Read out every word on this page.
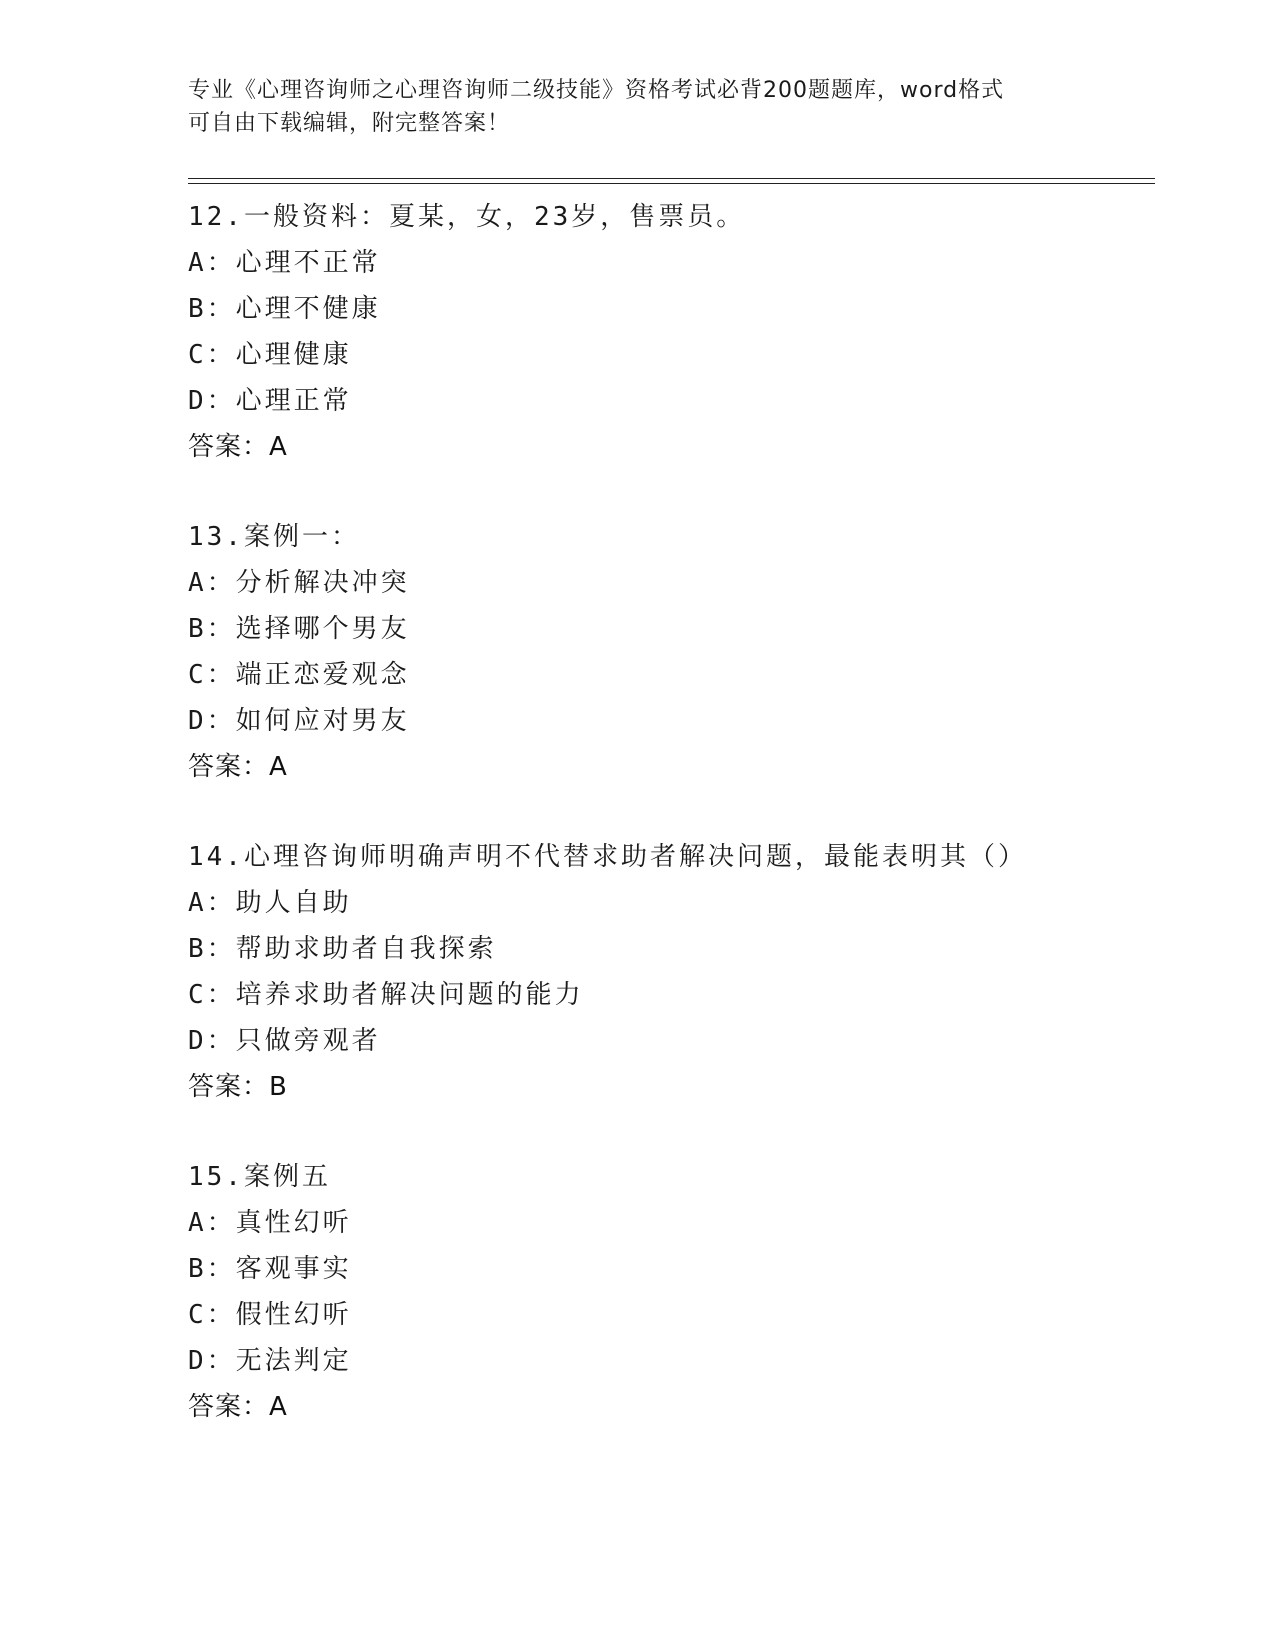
专业《心理咨询师之心理咨询师二级技能》资格考试必背200题题库，word格式
可自由下载编辑，附完整答案！
12.一般资料：夏某，女，23岁，售票员。
A：心理不正常
B：心理不健康
C：心理健康
D：心理正常
答案：A
13.案例一：
A：分析解决冲突
B：选择哪个男友
C：端正恋爱观念
D：如何应对男友
答案：A
14.心理咨询师明确声明不代替求助者解决问题，最能表明其（）
A：助人自助
B：帮助求助者自我探索
C：培养求助者解决问题的能力
D：只做旁观者
答案：B
15.案例五
A：真性幻听
B：客观事实
C：假性幻听
D：无法判定
答案：A
